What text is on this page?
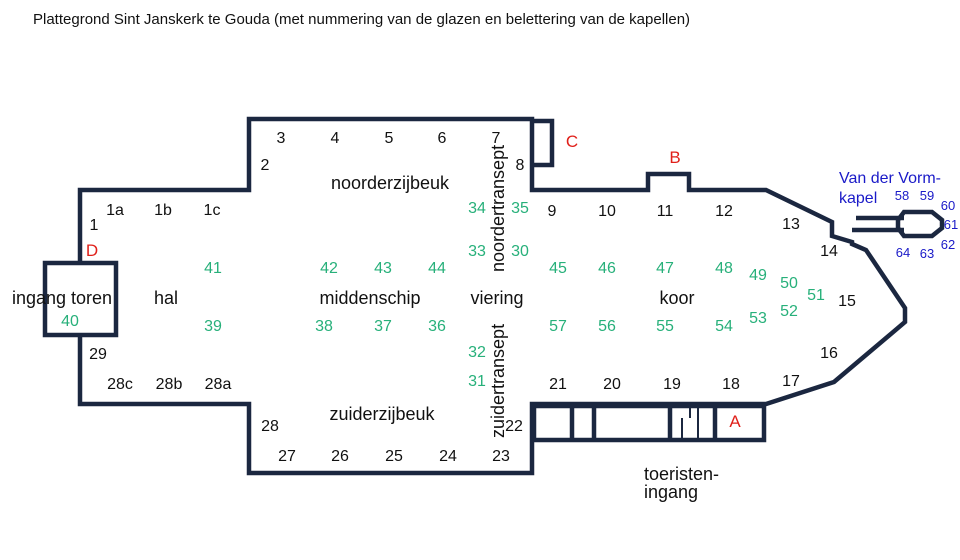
Plattegrond Sint Janskerk te Gouda (met nummering van de glazen en belettering van de kapellen)
1
1a 1b 1c
2
3	4	5	6	7
8
9	10	11	12
13
14
15
16
17
18
19
20
21
22
23
24
25
26
27
28
28a
28b
28c
29
30
31
32
33
34 35
36
37
38
39
40
41	42 43 44	45 46	47	48 49 50
51
52
53
54
55
56
57
A
B
C
D
Van der Vorm-
kapel 58 59
60
61
62
63
64
noorderzijbeuk
zuiderzijbeuk
middenschip	viering	koor
hal
ingang toren
noordertransept
zuidertransept
toeristen-
ingang
